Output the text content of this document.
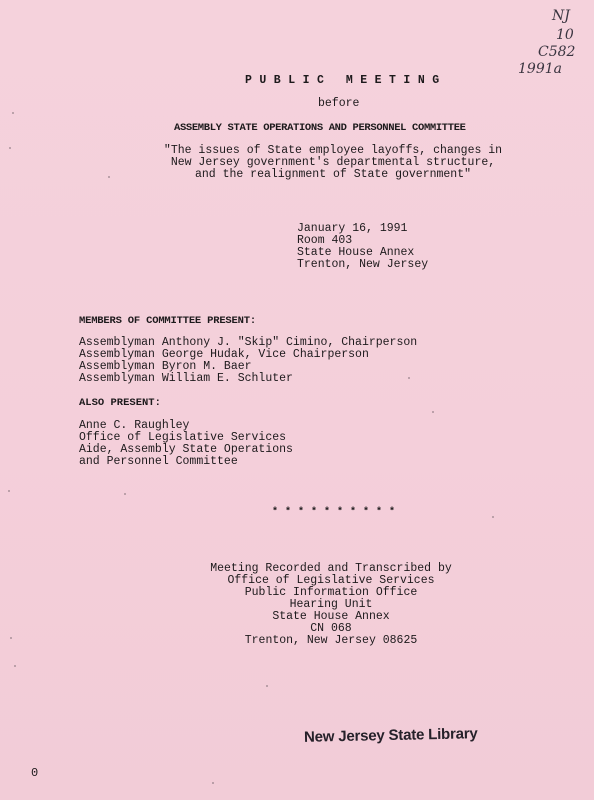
NJ
10
C582
1991a
P U B L I C   M E E T I N G
before
ASSEMBLY STATE OPERATIONS AND PERSONNEL COMMITTEE
"The issues of State employee layoffs, changes in
New Jersey government's departmental structure,
and the realignment of State government"
January 16, 1991
Room 403
State House Annex
Trenton, New Jersey
MEMBERS OF COMMITTEE PRESENT:
Assemblyman Anthony J. "Skip" Cimino, Chairperson
Assemblyman George Hudak, Vice Chairperson
Assemblyman Byron M. Baer
Assemblyman William E. Schluter
ALSO PRESENT:
Anne C. Raughley
Office of Legislative Services
Aide, Assembly State Operations
and Personnel Committee
* * * * * * * * * *
Meeting Recorded and Transcribed by
Office of Legislative Services
Public Information Office
Hearing Unit
State House Annex
CN 068
Trenton, New Jersey 08625
New Jersey State Library
0
